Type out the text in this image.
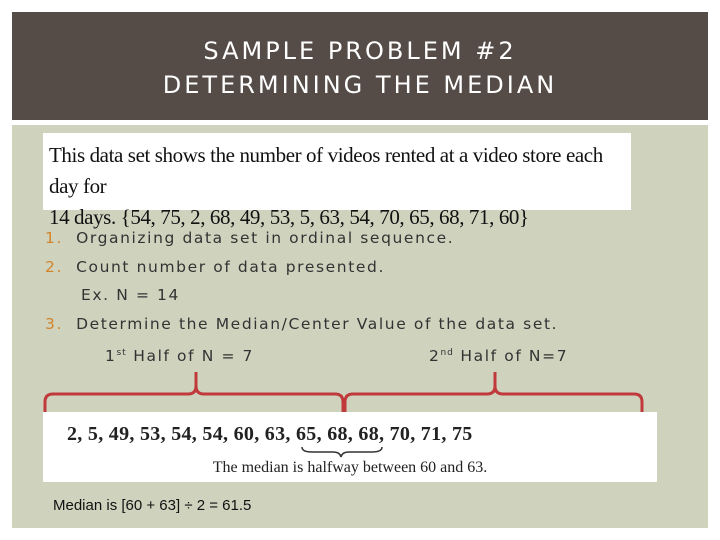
SAMPLE PROBLEM #2
DETERMINING THE MEDIAN
This data set shows the number of videos rented at a video store each day for
14 days. {54, 75, 2, 68, 49, 53, 5, 63, 54, 70, 65, 68, 71, 60}
1. Organizing data set in ordinal sequence.
2. Count number of data presented.
Ex. N = 14
3. Determine the Median/Center Value of the data set.
1st Half of N = 7	2nd Half of N=7
2, 5, 49, 53, 54, 54, 60, 63, 65, 68, 68, 70, 71, 75
The median is halfway between 60 and 63.
Median is [60 + 63] ÷ 2 = 61.5
